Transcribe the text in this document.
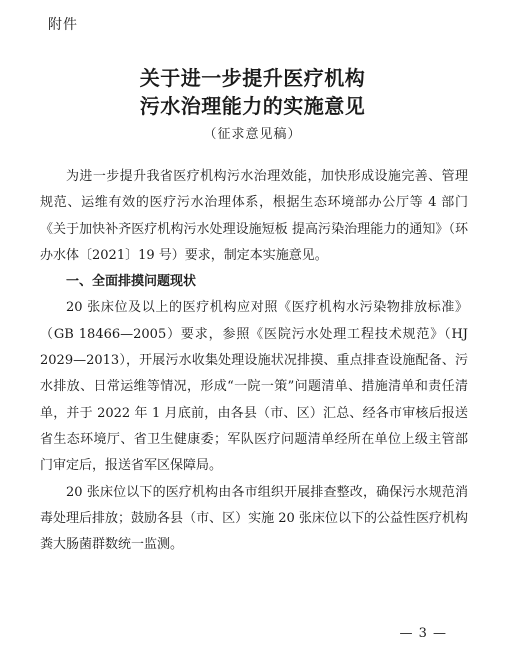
附件
关于进一步提升医疗机构
污水治理能力的实施意见
（征求意见稿）

为进一步提升我省医疗机构污水治理效能，加快形成设施完善、管理规范、运维有效的医疗污水治理体系，根据生态环境部办公厅等 4 部门《关于加快补齐医疗机构污水处理设施短板 提高污染治理能力的通知》（环办水体〔2021〕19 号）要求，制定本实施意见。

一、全面排摸问题现状

20 张床位及以上的医疗机构应对照《医疗机构水污染物排放标准》（GB 18466—2005）要求，参照《医院污水处理工程技术规范》（HJ 2029—2013），开展污水收集处理设施状况排摸、重点排查设施配备、污水排放、日常运维等情况，形成“一院一策”问题清单、措施清单和责任清单，并于 2022 年 1 月底前，由各县（市、区）汇总、经各市审核后报送省生态环境厅、省卫生健康委；军队医疗问题清单经所在单位上级主管部门审定后，报送省军区保障局。

20 张床位以下的医疗机构由各市组织开展排查整改，确保污水规范消毒处理后排放；鼓励各县（市、区）实施 20 张床位以下的公益性医疗机构粪大肠菌群数统一监测。

— 3 —
